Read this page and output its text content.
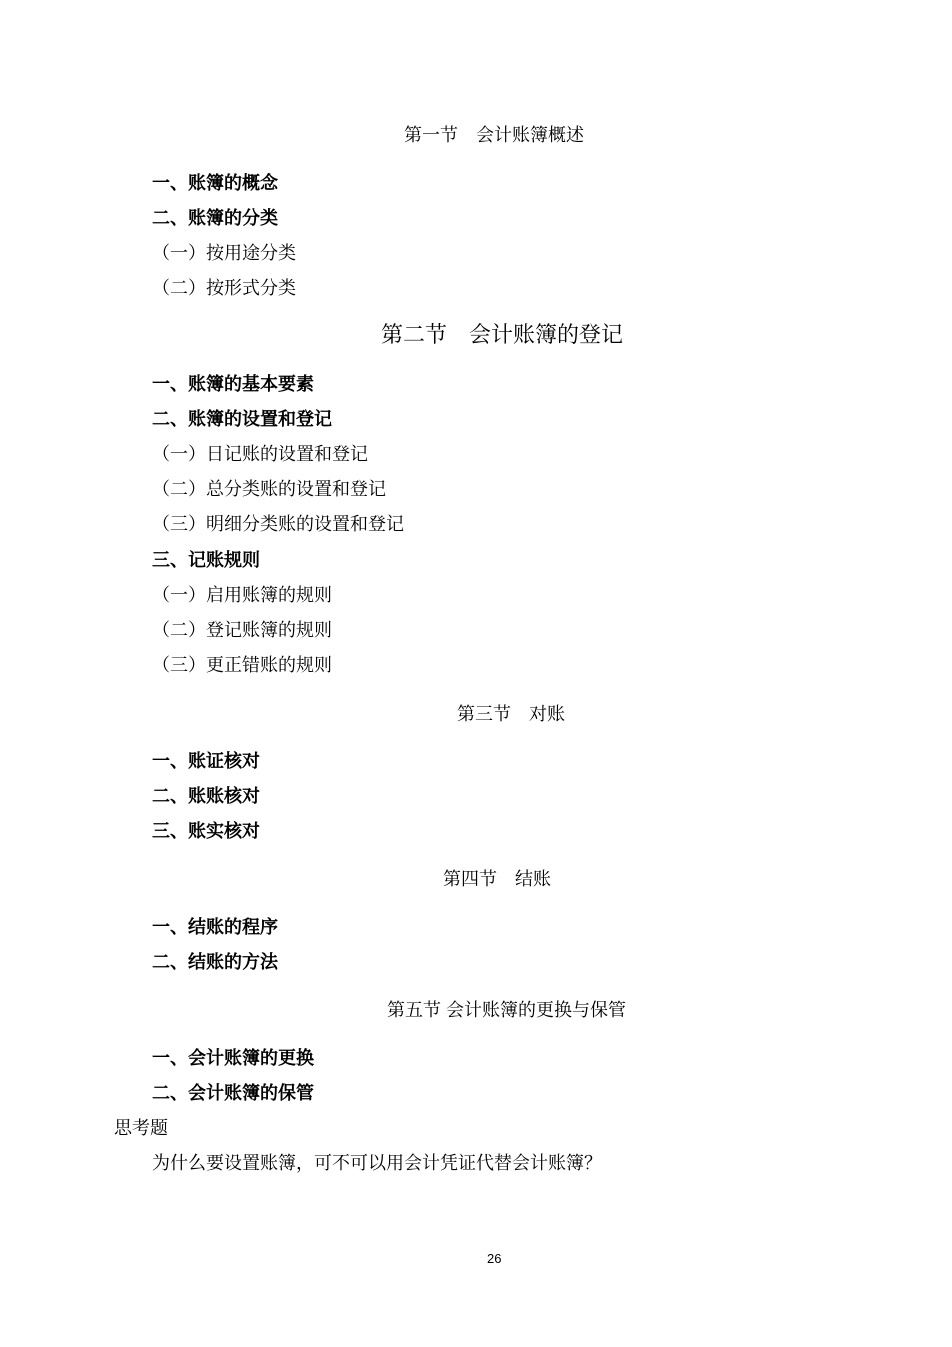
第一节　会计账簿概述
一、账簿的概念
二、账簿的分类
（一）按用途分类
（二）按形式分类
第二节　会计账簿的登记
一、账簿的基本要素
二、账簿的设置和登记
（一）日记账的设置和登记
（二）总分类账的设置和登记
（三）明细分类账的设置和登记
三、记账规则
（一）启用账簿的规则
（二）登记账簿的规则
（三）更正错账的规则
第三节　对账
一、账证核对
二、账账核对
三、账实核对
第四节　结账
一、结账的程序
二、结账的方法
第五节 会计账簿的更换与保管
一、会计账簿的更换
二、会计账簿的保管
思考题
为什么要设置账簿，可不可以用会计凭证代替会计账簿？
26
